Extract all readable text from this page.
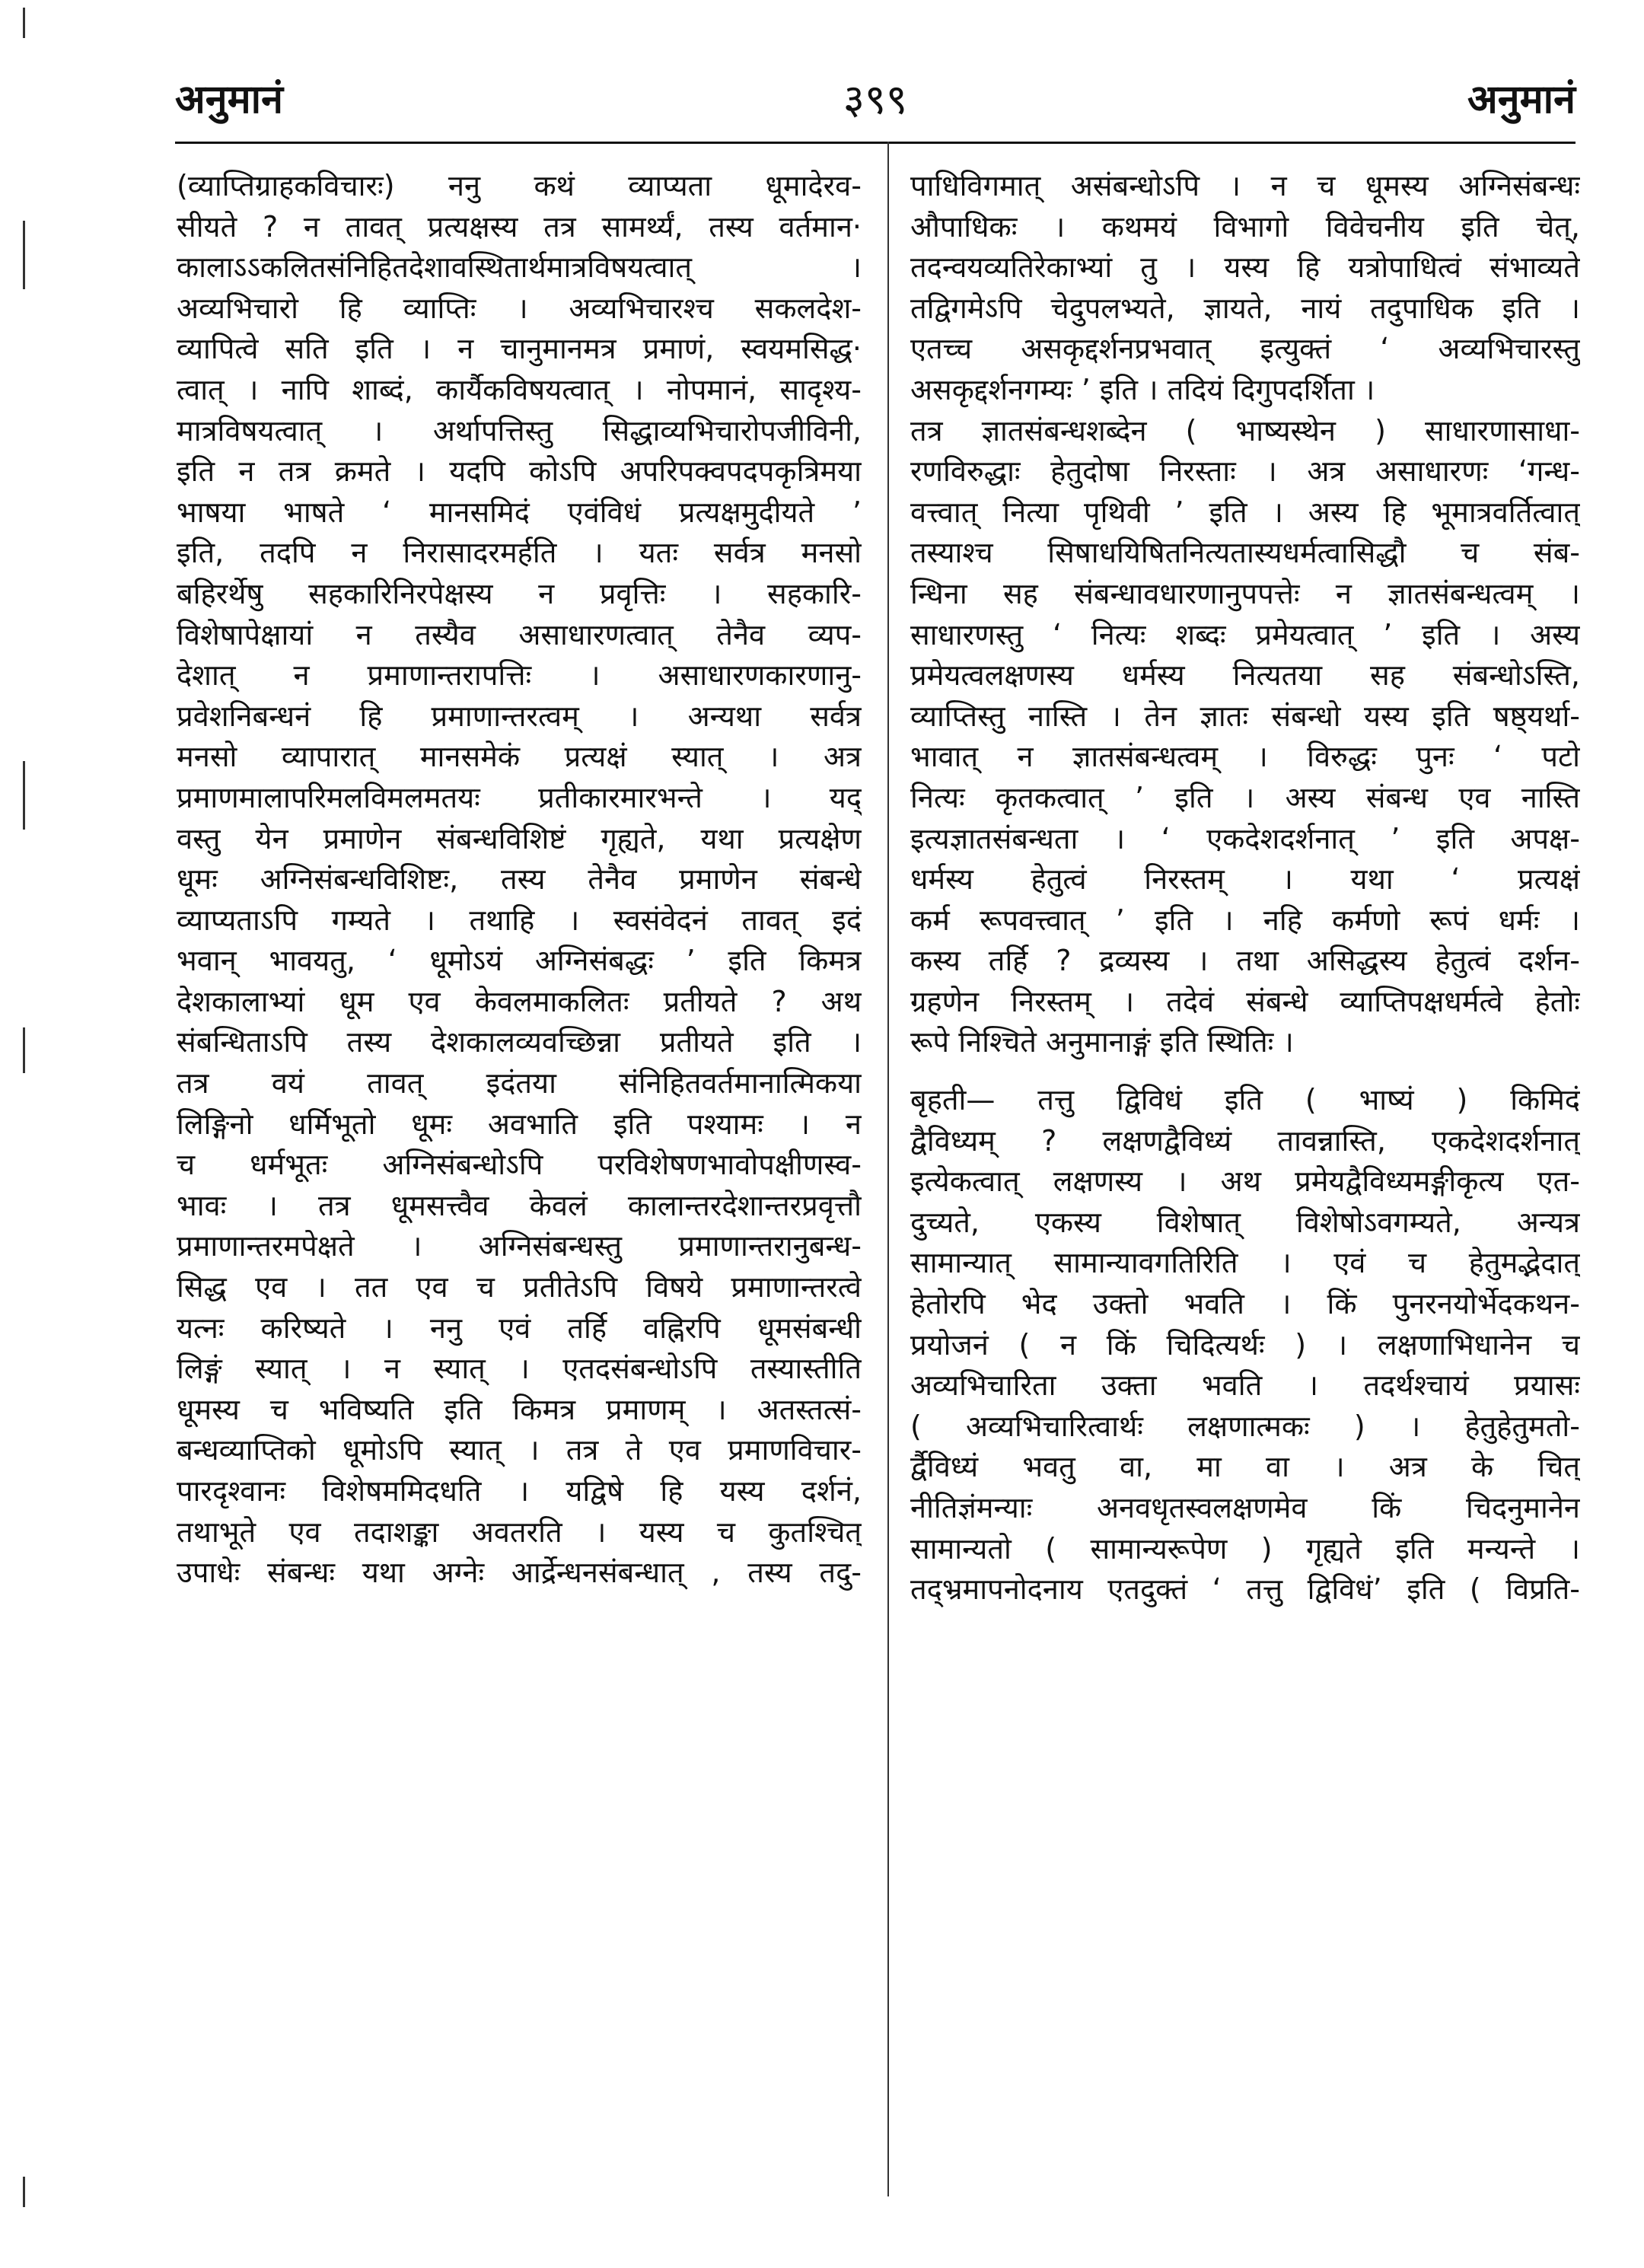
अनुमानं	३९९	अनुमानं
(व्याप्तिग्राहकविचारः) ननु कथं व्याप्यता धूमादेरव-
सीयते ? न तावत् प्रत्यक्षस्य तत्र सामर्थ्यं, तस्य वर्तमान·
कालाऽऽकलितसंनिहितदेशावस्थितार्थमात्रविषयत्वात् ।
अव्यभिचारो हि व्याप्तिः । अव्यभिचारश्च सकलदेश-
व्यापित्वे सति इति । न चानुमानमत्र प्रमाणं, स्वयमसिद्ध·
त्वात् । नापि शाब्दं, कार्यैकविषयत्वात् । नोपमानं, सादृश्य-
मात्रविषयत्वात् । अर्थापत्तिस्तु सिद्धाव्यभिचारोपजीविनी,
इति न तत्र क्रमते । यदपि कोऽपि अपरिपक्वपदपकृत्रिमया
भाषया भाषते ‘ मानसमिदं एवंविधं प्रत्यक्षमुदीयते ’
इति, तदपि न निरासादरमर्हति । यतः सर्वत्र मनसो
बहिरर्थेषु सहकारिनिरपेक्षस्य न प्रवृत्तिः । सहकारि-
विशेषापेक्षायां न तस्यैव असाधारणत्वात् तेनैव व्यप-
देशात् न प्रमाणान्तरापत्तिः । असाधारणकारणानु-
प्रवेशनिबन्धनं हि प्रमाणान्तरत्वम् । अन्यथा सर्वत्र
मनसो व्यापारात् मानसमेकं प्रत्यक्षं स्यात् । अत्र
प्रमाणमालापरिमलविमलमतयः प्रतीकारमारभन्ते । यद्
वस्तु येन प्रमाणेन संबन्धविशिष्टं गृह्यते, यथा प्रत्यक्षेण
धूमः अग्निसंबन्धविशिष्टः, तस्य तेनैव प्रमाणेन संबन्धे
व्याप्यताऽपि गम्यते । तथाहि । स्वसंवेदनं तावत् इदं
भवान् भावयतु, ‘ धूमोऽयं अग्निसंबद्धः ’ इति किमत्र
देशकालाभ्यां धूम एव केवलमाकलितः प्रतीयते ? अथ
संबन्धिताऽपि तस्य देशकालव्यवच्छिन्ना प्रतीयते इति ।
तत्र वयं तावत् इदंतया संनिहितवर्तमानात्मिकया
लिङ्गिनो धर्मिभूतो धूमः अवभाति इति पश्यामः । न
च धर्मभूतः अग्निसंबन्धोऽपि परविशेषणभावोपक्षीणस्व-
भावः । तत्र धूमसत्त्वैव केवलं कालान्तरदेशान्तरप्रवृत्तौ
प्रमाणान्तरमपेक्षते । अग्निसंबन्धस्तु प्रमाणान्तरानुबन्ध-
सिद्ध एव । तत एव च प्रतीतेऽपि विषये प्रमाणान्तरत्वे
यत्नः करिष्यते । ननु एवं तर्हि वह्निरपि धूमसंबन्धी
लिङ्गं स्यात् । न स्यात् । एतदसंबन्धोऽपि तस्यास्तीति
धूमस्य च भविष्यति इति किमत्र प्रमाणम् । अतस्तत्सं-
बन्धव्याप्तिको धूमोऽपि स्यात् । तत्र ते एव प्रमाणविचार-
पारदृश्वानः विशेषममिदधति । यद्विषे हि यस्य दर्शनं,
तथाभूते एव तदाशङ्का अवतरति । यस्य च कुतश्चित्
उपाधेः संबन्धः यथा अग्नेः आर्द्रेन्धनसंबन्धात् , तस्य तदु-
पाधिविगमात् असंबन्धोऽपि । न च धूमस्य अग्निसंबन्धः
औपाधिकः । कथमयं विभागो विवेचनीय इति चेत्,
तदन्वयव्यतिरेकाभ्यां तु । यस्य हि यत्रोपाधित्वं संभाव्यते
तद्विगमेऽपि चेदुपलभ्यते, ज्ञायते, नायं तदुपाधिक इति ।
एतच्च असकृद्दर्शनप्रभवात् इत्युक्तं ‘ अव्यभिचारस्तु
असकृद्दर्शनगम्यः ’ इति । तदियं दिगुपदर्शिता ।
तत्र ज्ञातसंबन्धशब्देन ( भाष्यस्थेन ) साधारणासाधा-
रणविरुद्धाः हेतुदोषा निरस्ताः । अत्र असाधारणः ‘गन्ध-
वत्त्वात् नित्या पृथिवी ’ इति । अस्य हि भूमात्रवर्तित्वात्
तस्याश्च सिषाधयिषितनित्यतास्यधर्मत्वासिद्धौ च संब-
न्धिना सह संबन्धावधारणानुपपत्तेः न ज्ञातसंबन्धत्वम् ।
साधारणस्तु ‘ नित्यः शब्दः प्रमेयत्वात् ’ इति । अस्य
प्रमेयत्वलक्षणस्य धर्मस्य नित्यतया सह संबन्धोऽस्ति,
व्याप्तिस्तु नास्ति । तेन ज्ञातः संबन्धो यस्य इति षष्ठ्यर्था-
भावात् न ज्ञातसंबन्धत्वम् । विरुद्धः पुनः ‘ पटो
नित्यः कृतकत्वात् ’ इति । अस्य संबन्ध एव नास्ति
इत्यज्ञातसंबन्धता । ‘ एकदेशदर्शनात् ’ इति अपक्ष-
धर्मस्य हेतुत्वं निरस्तम् । यथा ‘ प्रत्यक्षं
कर्म रूपवत्त्वात् ’ इति । नहि कर्मणो रूपं धर्मः ।
कस्य तर्हि ? द्रव्यस्य । तथा असिद्धस्य हेतुत्वं दर्शन-
ग्रहणेन निरस्तम् । तदेवं संबन्धे व्याप्तिपक्षधर्मत्वे हेतोः
रूपे निश्चिते अनुमानाङ्गं इति स्थितिः ।
बृहती— तत्तु द्विविधं इति ( भाष्यं ) किमिदं
द्वैविध्यम् ? लक्षणद्वैविध्यं तावन्नास्ति, एकदेशदर्शनात्
इत्येकत्वात् लक्षणस्य । अथ प्रमेयद्वैविध्यमङ्गीकृत्य एत-
दुच्यते, एकस्य विशेषात् विशेषोऽवगम्यते, अन्यत्र
सामान्यात् सामान्यावगतिरिति । एवं च हेतुमद्भेदात्
हेतोरपि भेद उक्तो भवति । किं पुनरनयोर्भेदकथन-
प्रयोजनं ( न किं चिदित्यर्थः ) । लक्षणाभिधानेन च
अव्यभिचारिता उक्ता भवति । तदर्थश्चायं प्रयासः
( अव्यभिचारित्वार्थः लक्षणात्मकः ) । हेतुहेतुमतो-
र्द्वैविध्यं भवतु वा, मा वा । अत्र के चित्
नीतिज्ञंमन्याः अनवधृतस्वलक्षणमेव किं चिदनुमानेन
सामान्यतो ( सामान्यरूपेण ) गृह्यते इति मन्यन्ते ।
तद्भ्रमापनोदनाय एतदुक्तं ‘ तत्तु द्विविधं’ इति ( विप्रति-
